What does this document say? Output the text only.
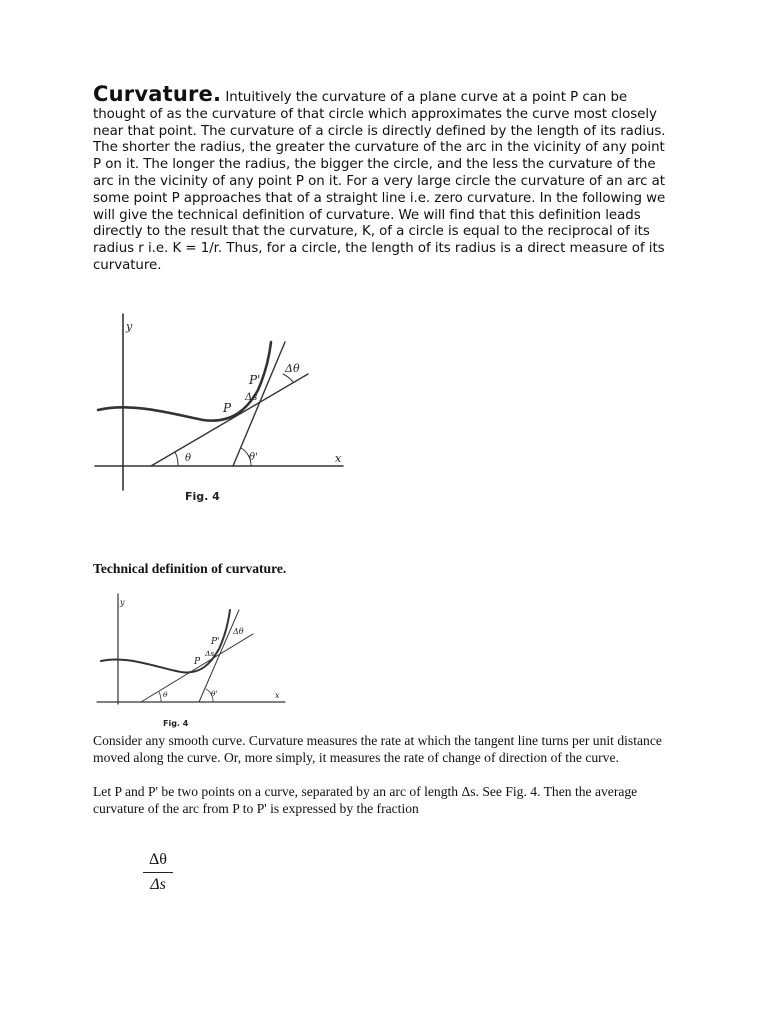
Curvature. Intuitively the curvature of a plane curve at a point P can be thought of as the curvature of that circle which approximates the curve most closely near that point. The curvature of a circle is directly defined by the length of its radius. The shorter the radius, the greater the curvature of the arc in the vicinity of any point P on it. The longer the radius, the bigger the circle, and the less the curvature of the arc in the vicinity of any point P on it. For a very large circle the curvature of an arc at some point P approaches that of a straight line i.e. zero curvature. In the following we will give the technical definition of curvature. We will find that this definition leads directly to the result that the curvature, K, of a circle is equal to the reciprocal of its radius r i.e. K = 1/r. Thus, for a circle, the length of its radius is a direct measure of its curvature.

y
x
P
P'
Δs
Δθ
θ	θ'
Fig. 4

Technical definition of curvature.

y
x
P
P'
Δs
Δθ
θ	θ'
Fig. 4

Consider any smooth curve. Curvature measures the rate at which the tangent line turns per unit distance moved along the curve. Or, more simply, it measures the rate of change of direction of the curve.

Let P and P' be two points on a curve, separated by an arc of length Δs. See Fig. 4. Then the average curvature of the arc from P to P' is expressed by the fraction

$\frac{\Delta\theta}{\Delta s}$
